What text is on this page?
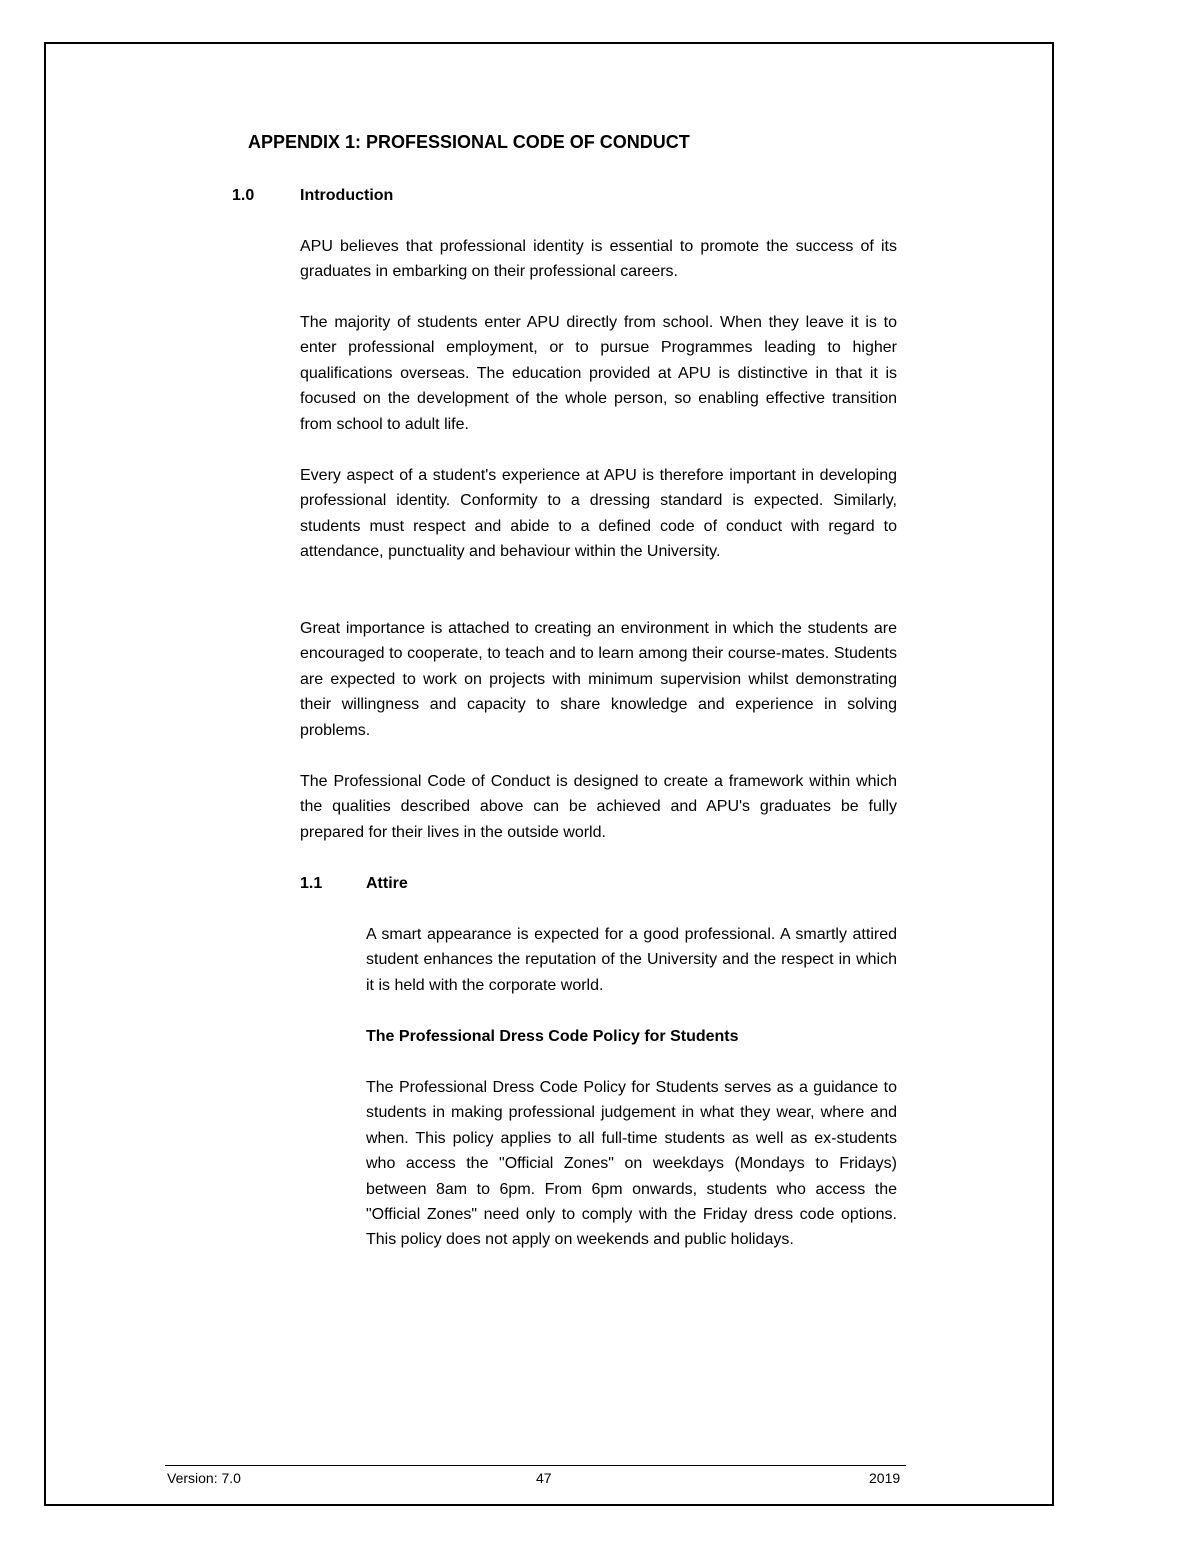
APPENDIX 1: PROFESSIONAL CODE OF CONDUCT
1.0	Introduction

APU believes that professional identity is essential to promote the success of its graduates in embarking on their professional careers.

The majority of students enter APU directly from school. When they leave it is to enter professional employment, or to pursue Programmes leading to higher qualifications overseas. The education provided at APU is distinctive in that it is focused on the development of the whole person, so enabling effective transition from school to adult life.

Every aspect of a student's experience at APU is therefore important in developing professional identity. Conformity to a dressing standard is expected. Similarly, students must respect and abide to a defined code of conduct with regard to attendance, punctuality and behaviour within the University.

Great importance is attached to creating an environment in which the students are encouraged to cooperate, to teach and to learn among their course-mates. Students are expected to work on projects with minimum supervision whilst demonstrating their willingness and capacity to share knowledge and experience in solving problems.

The Professional Code of Conduct is designed to create a framework within which the qualities described above can be achieved and APU's graduates be fully prepared for their lives in the outside world.

1.1	Attire

A smart appearance is expected for a good professional. A smartly attired student enhances the reputation of the University and the respect in which it is held with the corporate world.

The Professional Dress Code Policy for Students

The Professional Dress Code Policy for Students serves as a guidance to students in making professional judgement in what they wear, where and when. This policy applies to all full-time students as well as ex-students who access the "Official Zones" on weekdays (Mondays to Fridays) between 8am to 6pm. From 6pm onwards, students who access the "Official Zones" need only to comply with the Friday dress code options. This policy does not apply on weekends and public holidays.

Version: 7.0	47	2019
